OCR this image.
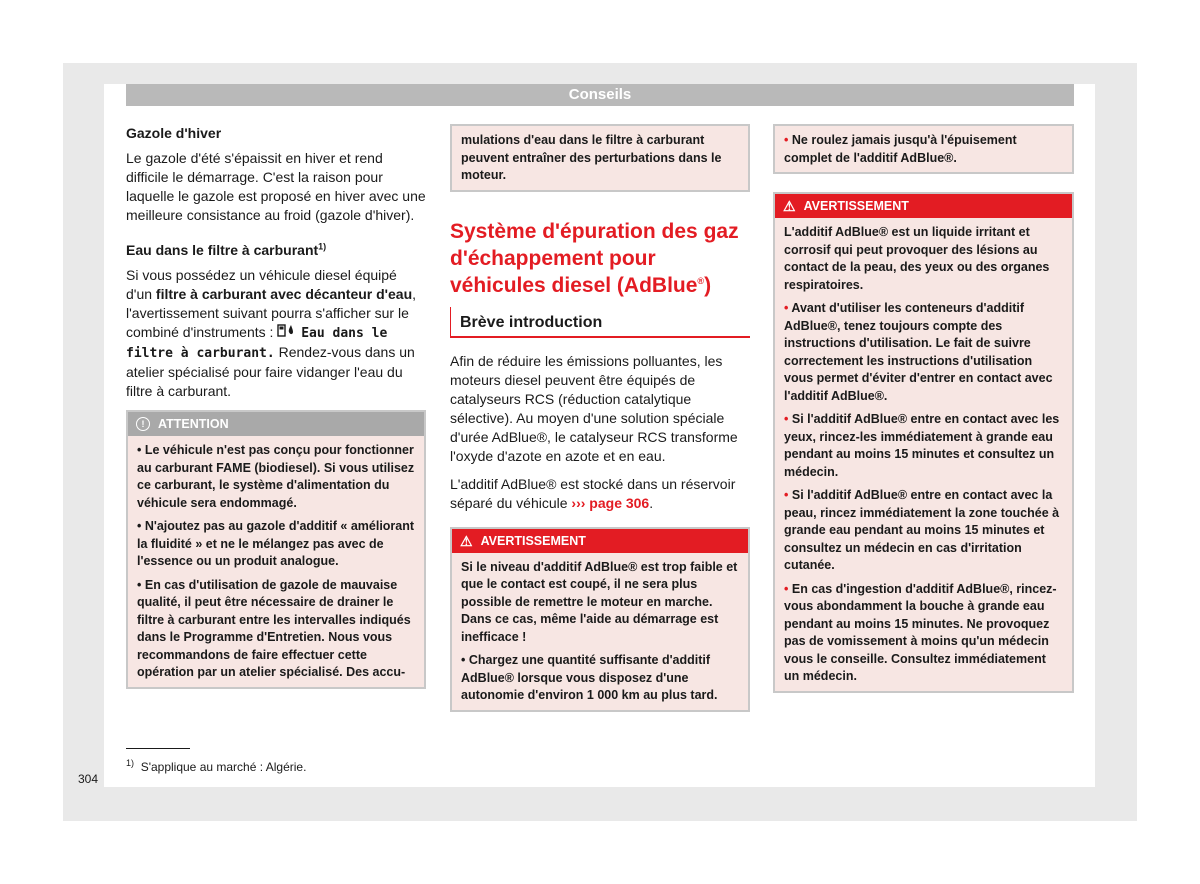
Conseils
Gazole d'hiver

Le gazole d'été s'épaissit en hiver et rend difficile le démarrage. C'est la raison pour laquelle le gazole est proposé en hiver avec une meilleure consistance au froid (gazole d'hiver).

Eau dans le filtre à carburant$^{1)}$

Si vous possédez un véhicule diesel équipé d'un filtre à carburant avec décanteur d'eau, l'avertissement suivant pourra s'afficher sur le combiné d'instruments :  Eau dans le filtre à carburant. Rendez-vous dans un atelier spécialisé pour faire vidanger l'eau du filtre à carburant.

!	ATTENTION

• Le véhicule n'est pas conçu pour fonctionner au carburant FAME (biodiesel). Si vous utilisez ce carburant, le système d'alimentation du véhicule sera endommagé.

• N'ajoutez pas au gazole d'additif « améliorant la fluidité » et ne le mélangez pas avec de l'essence ou un produit analogue.

• En cas d'utilisation de gazole de mauvaise qualité, il peut être nécessaire de drainer le filtre à carburant entre les intervalles indiqués dans le Programme d'Entretien. Nous vous recommandons de faire effectuer cette opération par un atelier spécialisé. Des accu-

mulations d'eau dans le filtre à carburant peuvent entraîner des perturbations dans le moteur.
Système d'épuration des gaz d'échappement pour véhicules diesel (AdBlue®)
Brève introduction

Afin de réduire les émissions polluantes, les moteurs diesel peuvent être équipés de catalyseurs RCS (réduction catalytique sélective). Au moyen d'une solution spéciale d'urée AdBlue®, le catalyseur RCS transforme l'oxyde d'azote en azote et en eau.

L'additif AdBlue® est stocké dans un réservoir séparé du véhicule ››› page 306.

⚠ AVERTISSEMENT

Si le niveau d'additif AdBlue® est trop faible et que le contact est coupé, il ne sera plus possible de remettre le moteur en marche. Dans ce cas, même l'aide au démarrage est inefficace !

• Chargez une quantité suffisante d'additif AdBlue® lorsque vous disposez d'une autonomie d'environ 1 000 km au plus tard.

• Ne roulez jamais jusqu'à l'épuisement complet de l'additif AdBlue®.
⚠ AVERTISSEMENT

L'additif AdBlue® est un liquide irritant et corrosif qui peut provoquer des lésions au contact de la peau, des yeux ou des organes respiratoires.

• Avant d'utiliser les conteneurs d'additif AdBlue®, tenez toujours compte des instructions d'utilisation. Le fait de suivre correctement les instructions d'utilisation vous permet d'éviter d'entrer en contact avec l'additif AdBlue®.

• Si l'additif AdBlue® entre en contact avec les yeux, rincez-les immédiatement à grande eau pendant au moins 15 minutes et consultez un médecin.

• Si l'additif AdBlue® entre en contact avec la peau, rincez immédiatement la zone touchée à grande eau pendant au moins 15 minutes et consultez un médecin en cas d'irritation cutanée.

• En cas d'ingestion d'additif AdBlue®, rincez-vous abondamment la bouche à grande eau pendant au moins 15 minutes. Ne provoquez pas de vomissement à moins qu'un médecin vous le conseille. Consultez immédiatement un médecin.

$^{1)}$ S'applique au marché : Algérie.
304
